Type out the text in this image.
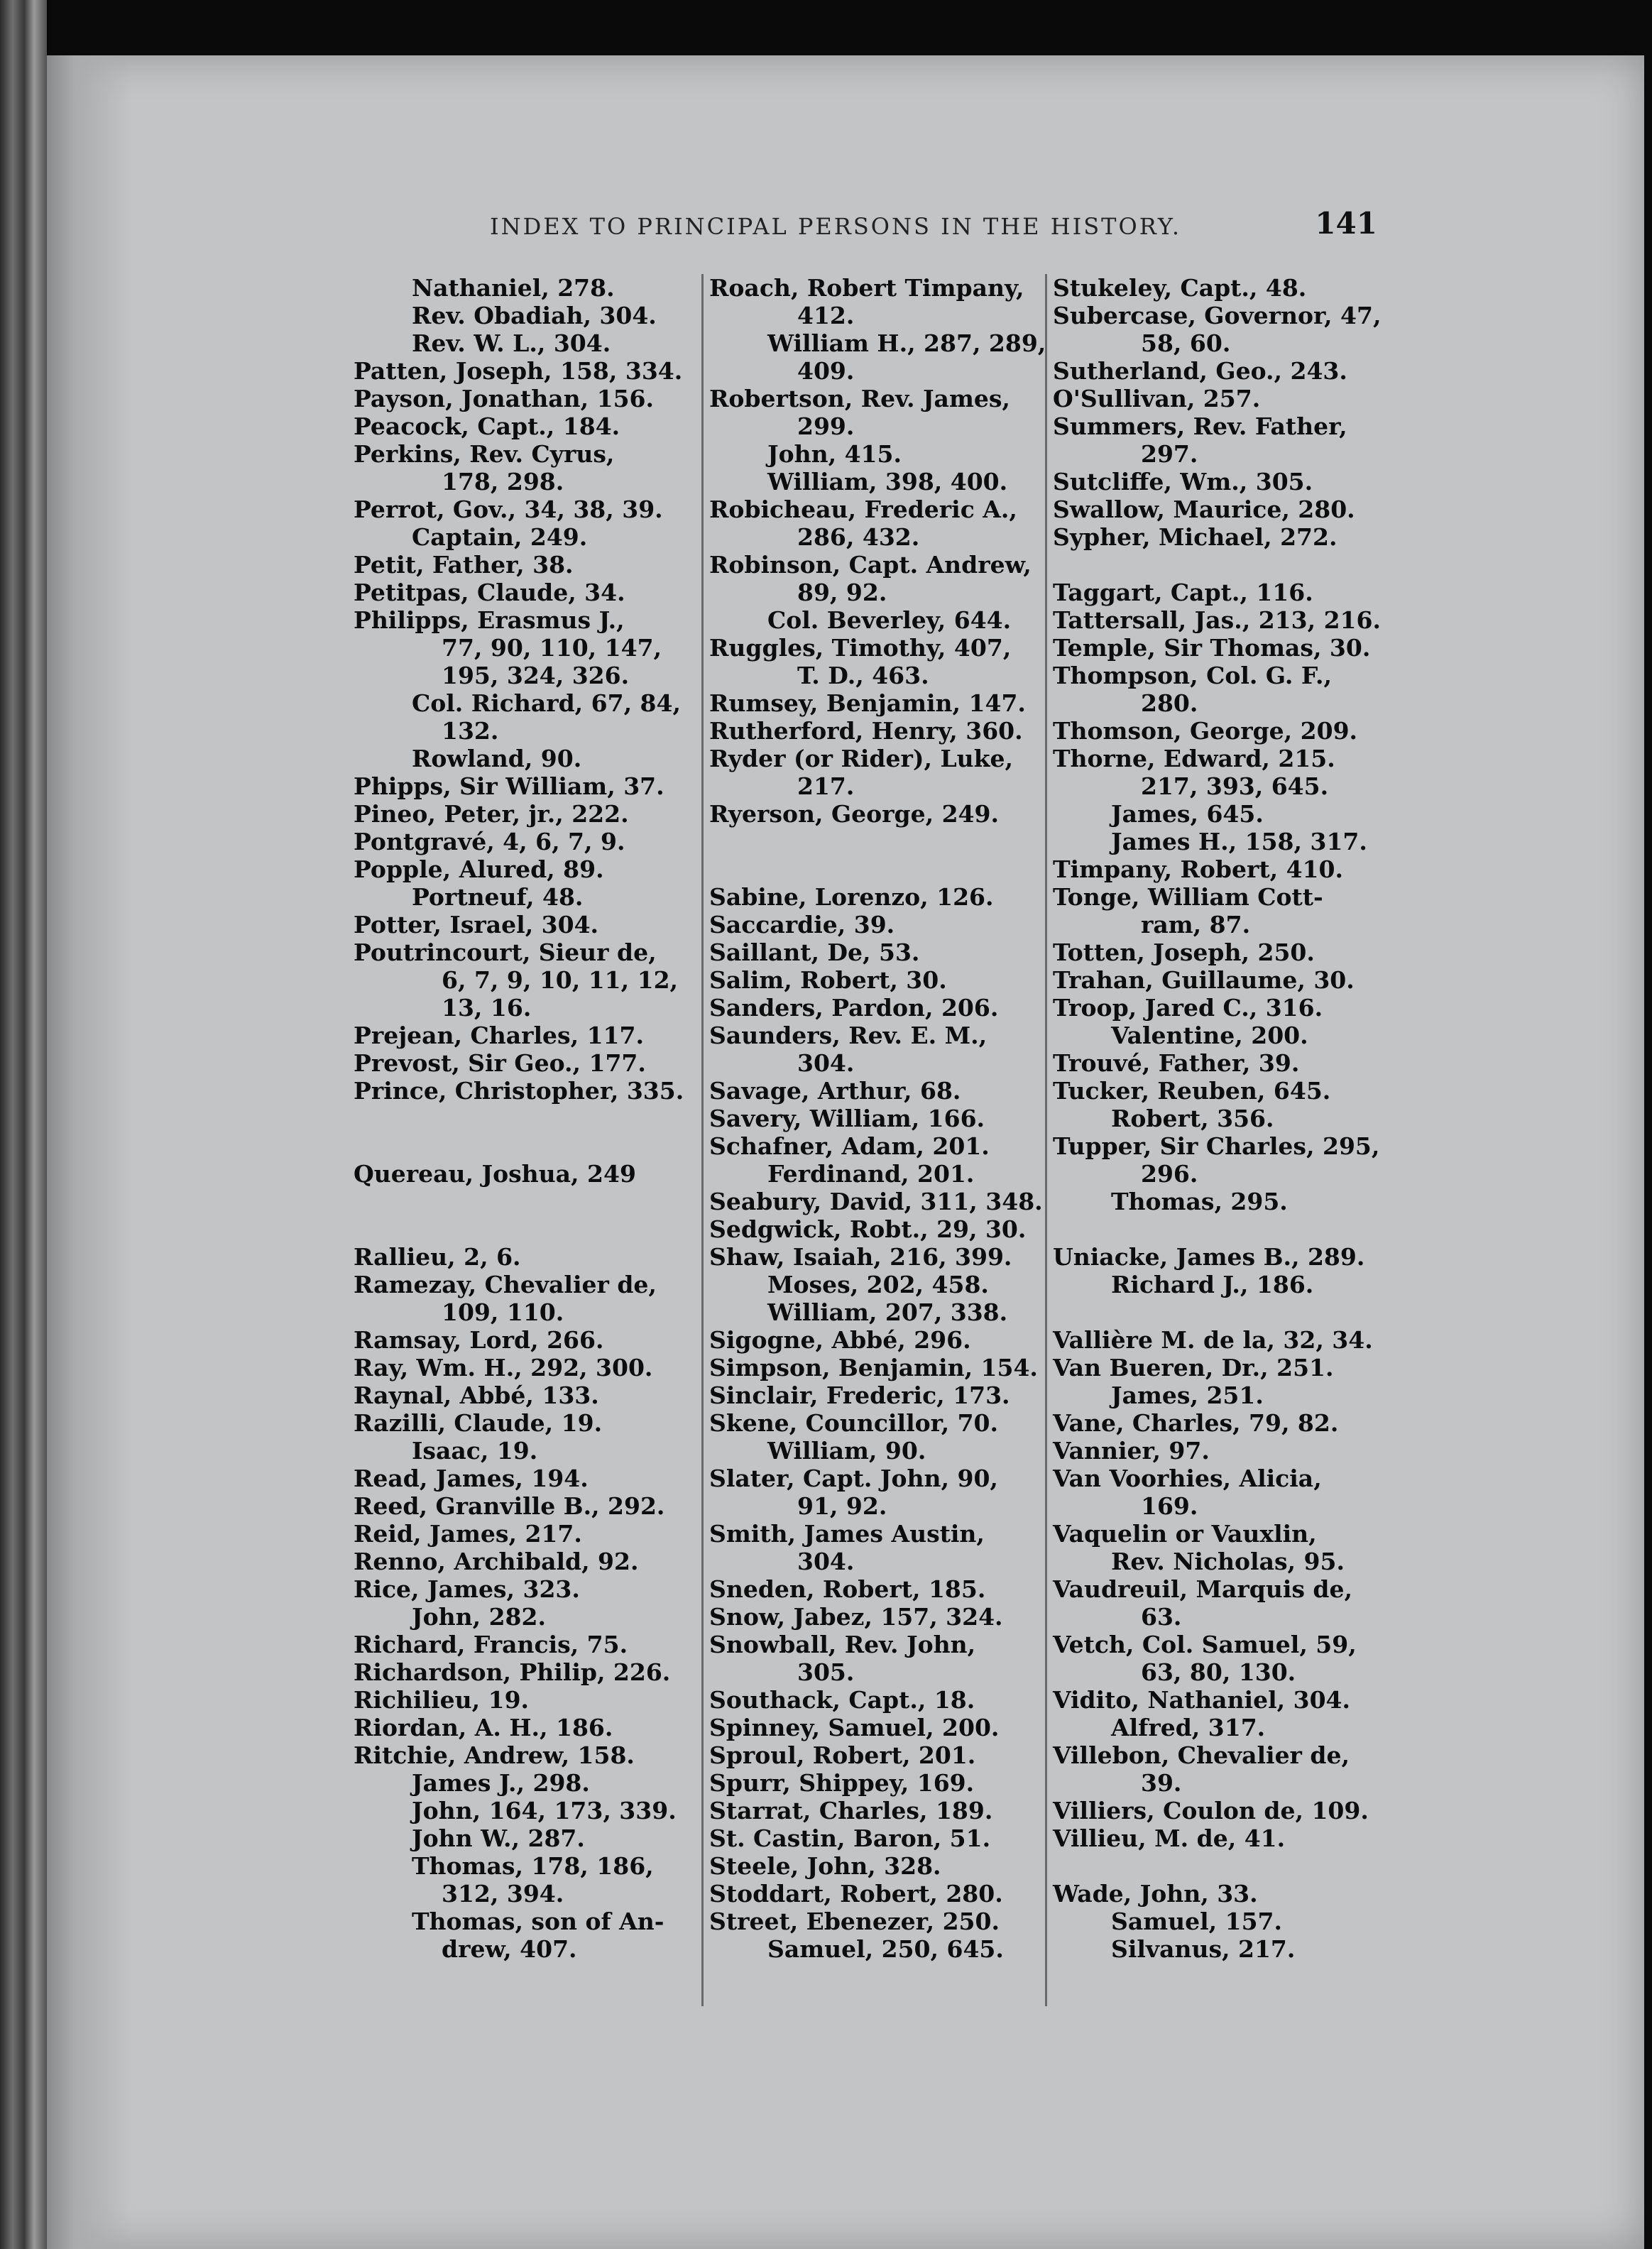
INDEX TO PRINCIPAL PERSONS IN THE HISTORY.	141

Nathaniel, 278.

Rev. Obadiah, 304.

Rev. W. L., 304.

Patten, Joseph, 158, 334.

Payson, Jonathan, 156.

Peacock, Capt., 184.

Perkins, Rev. Cyrus,

178, 298.

Perrot, Gov., 34, 38, 39.

Captain, 249.

Petit, Father, 38.

Petitpas, Claude, 34.

Philipps, Erasmus J.,

77, 90, 110, 147,

195, 324, 326.

Col. Richard, 67, 84,

132.

Rowland, 90.

Phipps, Sir William, 37.

Pineo, Peter, jr., 222.

Pontgravé, 4, 6, 7, 9.

Popple, Alured, 89.

Portneuf, 48.

Potter, Israel, 304.

Poutrincourt, Sieur de,

6, 7, 9, 10, 11, 12,

13, 16.

Prejean, Charles, 117.

Prevost, Sir Geo., 177.

Prince, Christopher, 335.

Quereau, Joshua, 249

Rallieu, 2, 6.

Ramezay, Chevalier de,

109, 110.

Ramsay, Lord, 266.

Ray, Wm. H., 292, 300.

Raynal, Abbé, 133.

Razilli, Claude, 19.

Isaac, 19.

Read, James, 194.

Reed, Granville B., 292.

Reid, James, 217.

Renno, Archibald, 92.

Rice, James, 323.

John, 282.

Richard, Francis, 75.

Richardson, Philip, 226.

Richilieu, 19.

Riordan, A. H., 186.

Ritchie, Andrew, 158.

James J., 298.

John, 164, 173, 339.

John W., 287.

Thomas, 178, 186,

312, 394.

Thomas, son of An-

drew, 407.

Roach, Robert Timpany,

412.

William H., 287, 289,

409.

Robertson, Rev. James,

299.

John, 415.

William, 398, 400.

Robicheau, Frederic A.,

286, 432.

Robinson, Capt. Andrew,

89, 92.

Col. Beverley, 644.

Ruggles, Timothy, 407,

T. D., 463.

Rumsey, Benjamin, 147.

Rutherford, Henry, 360.

Ryder (or Rider), Luke,

217.

Ryerson, George, 249.

Sabine, Lorenzo, 126.

Saccardie, 39.

Saillant, De, 53.

Salim, Robert, 30.

Sanders, Pardon, 206.

Saunders, Rev. E. M.,

304.

Savage, Arthur, 68.

Savery, William, 166.

Schafner, Adam, 201.

Ferdinand, 201.

Seabury, David, 311, 348.

Sedgwick, Robt., 29, 30.

Shaw, Isaiah, 216, 399.

Moses, 202, 458.

William, 207, 338.

Sigogne, Abbé, 296.

Simpson, Benjamin, 154.

Sinclair, Frederic, 173.

Skene, Councillor, 70.

William, 90.

Slater, Capt. John, 90,

91, 92.

Smith, James Austin,

304.

Sneden, Robert, 185.

Snow, Jabez, 157, 324.

Snowball, Rev. John,

305.

Southack, Capt., 18.

Spinney, Samuel, 200.

Sproul, Robert, 201.

Spurr, Shippey, 169.

Starrat, Charles, 189.

St. Castin, Baron, 51.

Steele, John, 328.

Stoddart, Robert, 280.

Street, Ebenezer, 250.

Samuel, 250, 645.

Stukeley, Capt., 48.

Subercase, Governor, 47,

58, 60.

Sutherland, Geo., 243.

O'Sullivan, 257.

Summers, Rev. Father,

297.

Sutcliffe, Wm., 305.

Swallow, Maurice, 280.

Sypher, Michael, 272.

Taggart, Capt., 116.

Tattersall, Jas., 213, 216.

Temple, Sir Thomas, 30.

Thompson, Col. G. F.,

280.

Thomson, George, 209.

Thorne, Edward, 215.

217, 393, 645.

James, 645.

James H., 158, 317.

Timpany, Robert, 410.

Tonge, William Cott-

ram, 87.

Totten, Joseph, 250.

Trahan, Guillaume, 30.

Troop, Jared C., 316.

Valentine, 200.

Trouvé, Father, 39.

Tucker, Reuben, 645.

Robert, 356.

Tupper, Sir Charles, 295,

296.

Thomas, 295.

Uniacke, James B., 289.

Richard J., 186.

Vallière M. de la, 32, 34.

Van Bueren, Dr., 251.

James, 251.

Vane, Charles, 79, 82.

Vannier, 97.

Van Voorhies, Alicia,

169.

Vaquelin or Vauxlin,

Rev. Nicholas, 95.

Vaudreuil, Marquis de,

63.

Vetch, Col. Samuel, 59,

63, 80, 130.

Vidito, Nathaniel, 304.

Alfred, 317.

Villebon, Chevalier de,

39.

Villiers, Coulon de, 109.

Villieu, M. de, 41.

Wade, John, 33.

Samuel, 157.

Silvanus, 217.
